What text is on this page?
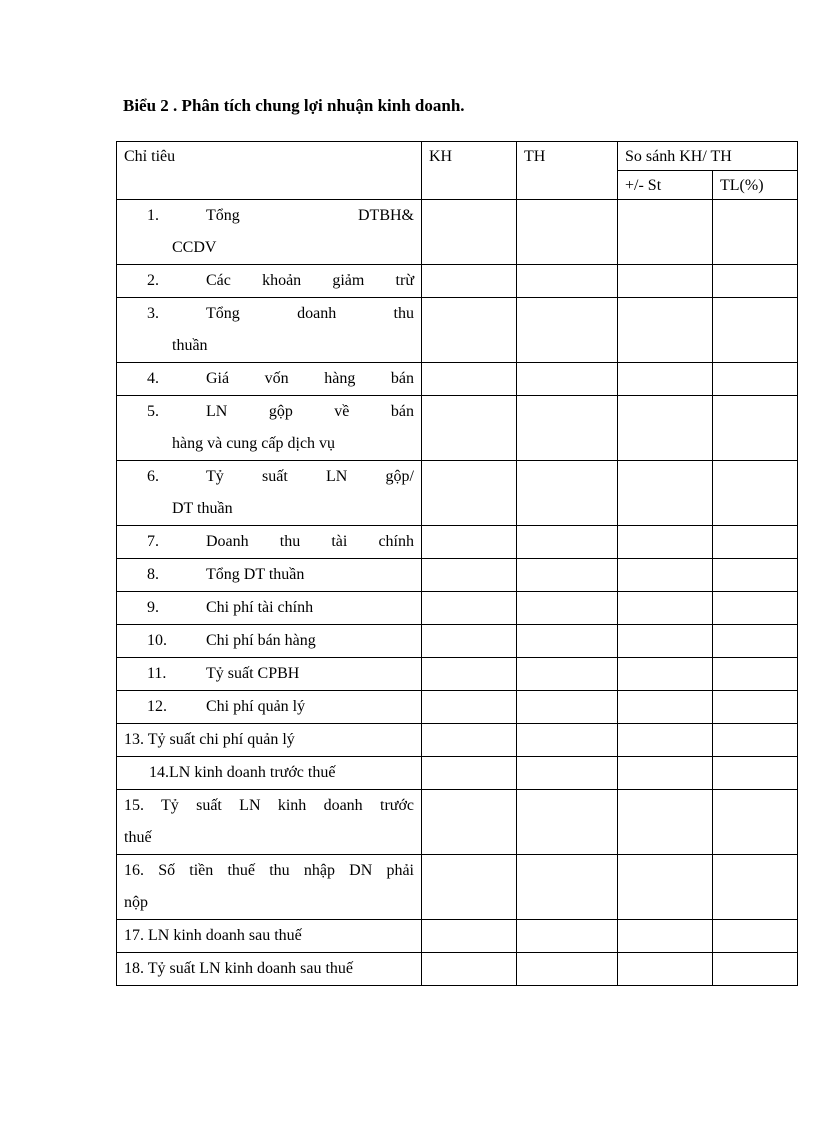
Biểu 2 . Phân tích chung lợi nhuận kinh doanh.
Chỉ tiêu	KH	TH	So sánh KH/ TH	
			+/- St	TL(%)

1. Tổng DTBH&
CCDV				

2. Các khoản giảm trừ				

3. Tổng doanh thu
thuần				

4. Giá vốn hàng bán				

5. LN gộp về bán
hàng và cung cấp dịch vụ				

6. Tỷ suất LN gộp/
DT thuần				

7. Doanh thu tài chính				

8. Tổng DT thuần				

9. Chi phí tài chính				

10. Chi phí bán hàng				

11. Tỷ suất CPBH				

12. Chi phí quản lý				

13. Tỷ suất chi phí quản lý				

14.LN kinh doanh trước thuế				

15. Tỷ suất LN kinh doanh trước
thuế				

16. Số tiền thuế thu nhập DN phải
nộp				

17. LN kinh doanh sau thuế				

18. Tỷ suất LN kinh doanh sau thuế				
